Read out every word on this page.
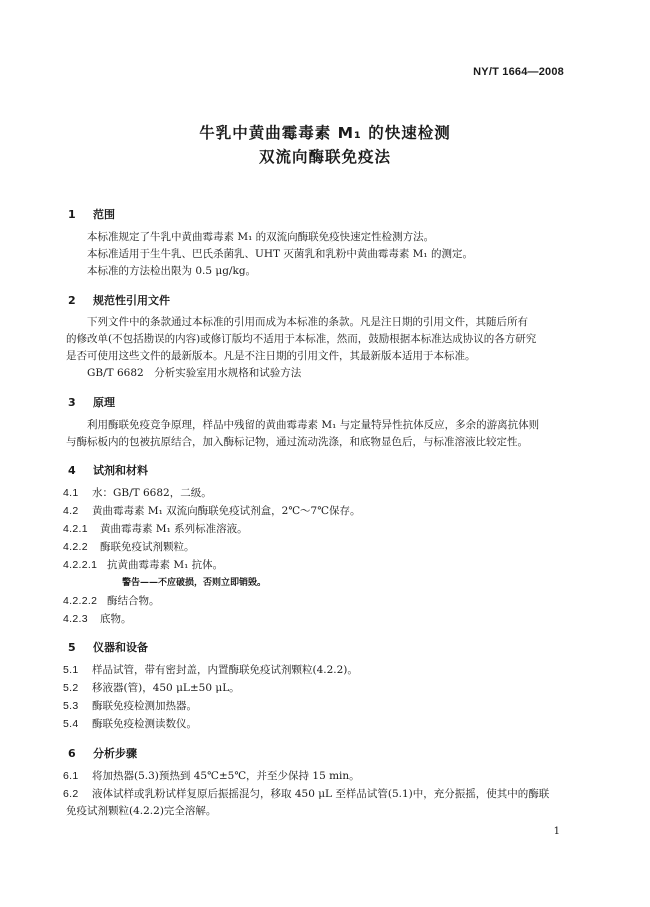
NY/T 1664—2008
牛乳中黄曲霉毒素 M₁ 的快速检测
双流向酶联免疫法
1 范围
本标准规定了牛乳中黄曲霉毒素 M₁ 的双流向酶联免疫快速定性检测方法。
本标准适用于生牛乳、巴氏杀菌乳、UHT 灭菌乳和乳粉中黄曲霉毒素 M₁ 的测定。
本标准的方法检出限为 0.5 μg/kg。
2 规范性引用文件
下列文件中的条款通过本标准的引用而成为本标准的条款。凡是注日期的引用文件，其随后所有
的修改单(不包括勘误的内容)或修订版均不适用于本标准，然而，鼓励根据本标准达成协议的各方研究
是否可使用这些文件的最新版本。凡是不注日期的引用文件，其最新版本适用于本标准。
GB/T 6682　分析实验室用水规格和试验方法
3 原理
利用酶联免疫竞争原理，样品中残留的黄曲霉毒素 M₁ 与定量特异性抗体反应，多余的游离抗体则
与酶标板内的包被抗原结合，加入酶标记物，通过流动洗涤，和底物显色后，与标准溶液比较定性。
4 试剂和材料
4.1 水：GB/T 6682，二级。
4.2 黄曲霉毒素 M₁ 双流向酶联免疫试剂盒，2℃～7℃保存。
4.2.1 黄曲霉毒素 M₁ 系列标准溶液。
4.2.2 酶联免疫试剂颗粒。
4.2.2.1 抗黄曲霉毒素 M₁ 抗体。
警告——不应破损，否则立即销毁。
4.2.2.2 酶结合物。
4.2.3 底物。
5 仪器和设备
5.1 样品试管，带有密封盖，内置酶联免疫试剂颗粒(4.2.2)。
5.2 移液器(管)，450 μL±50 μL。
5.3 酶联免疫检测加热器。
5.4 酶联免疫检测读数仪。
6 分析步骤
6.1 将加热器(5.3)预热到 45℃±5℃，并至少保持 15 min。
6.2 液体试样或乳粉试样复原后振摇混匀，移取 450 μL 至样品试管(5.1)中，充分振摇，使其中的酶联
免疫试剂颗粒(4.2.2)完全溶解。
1
